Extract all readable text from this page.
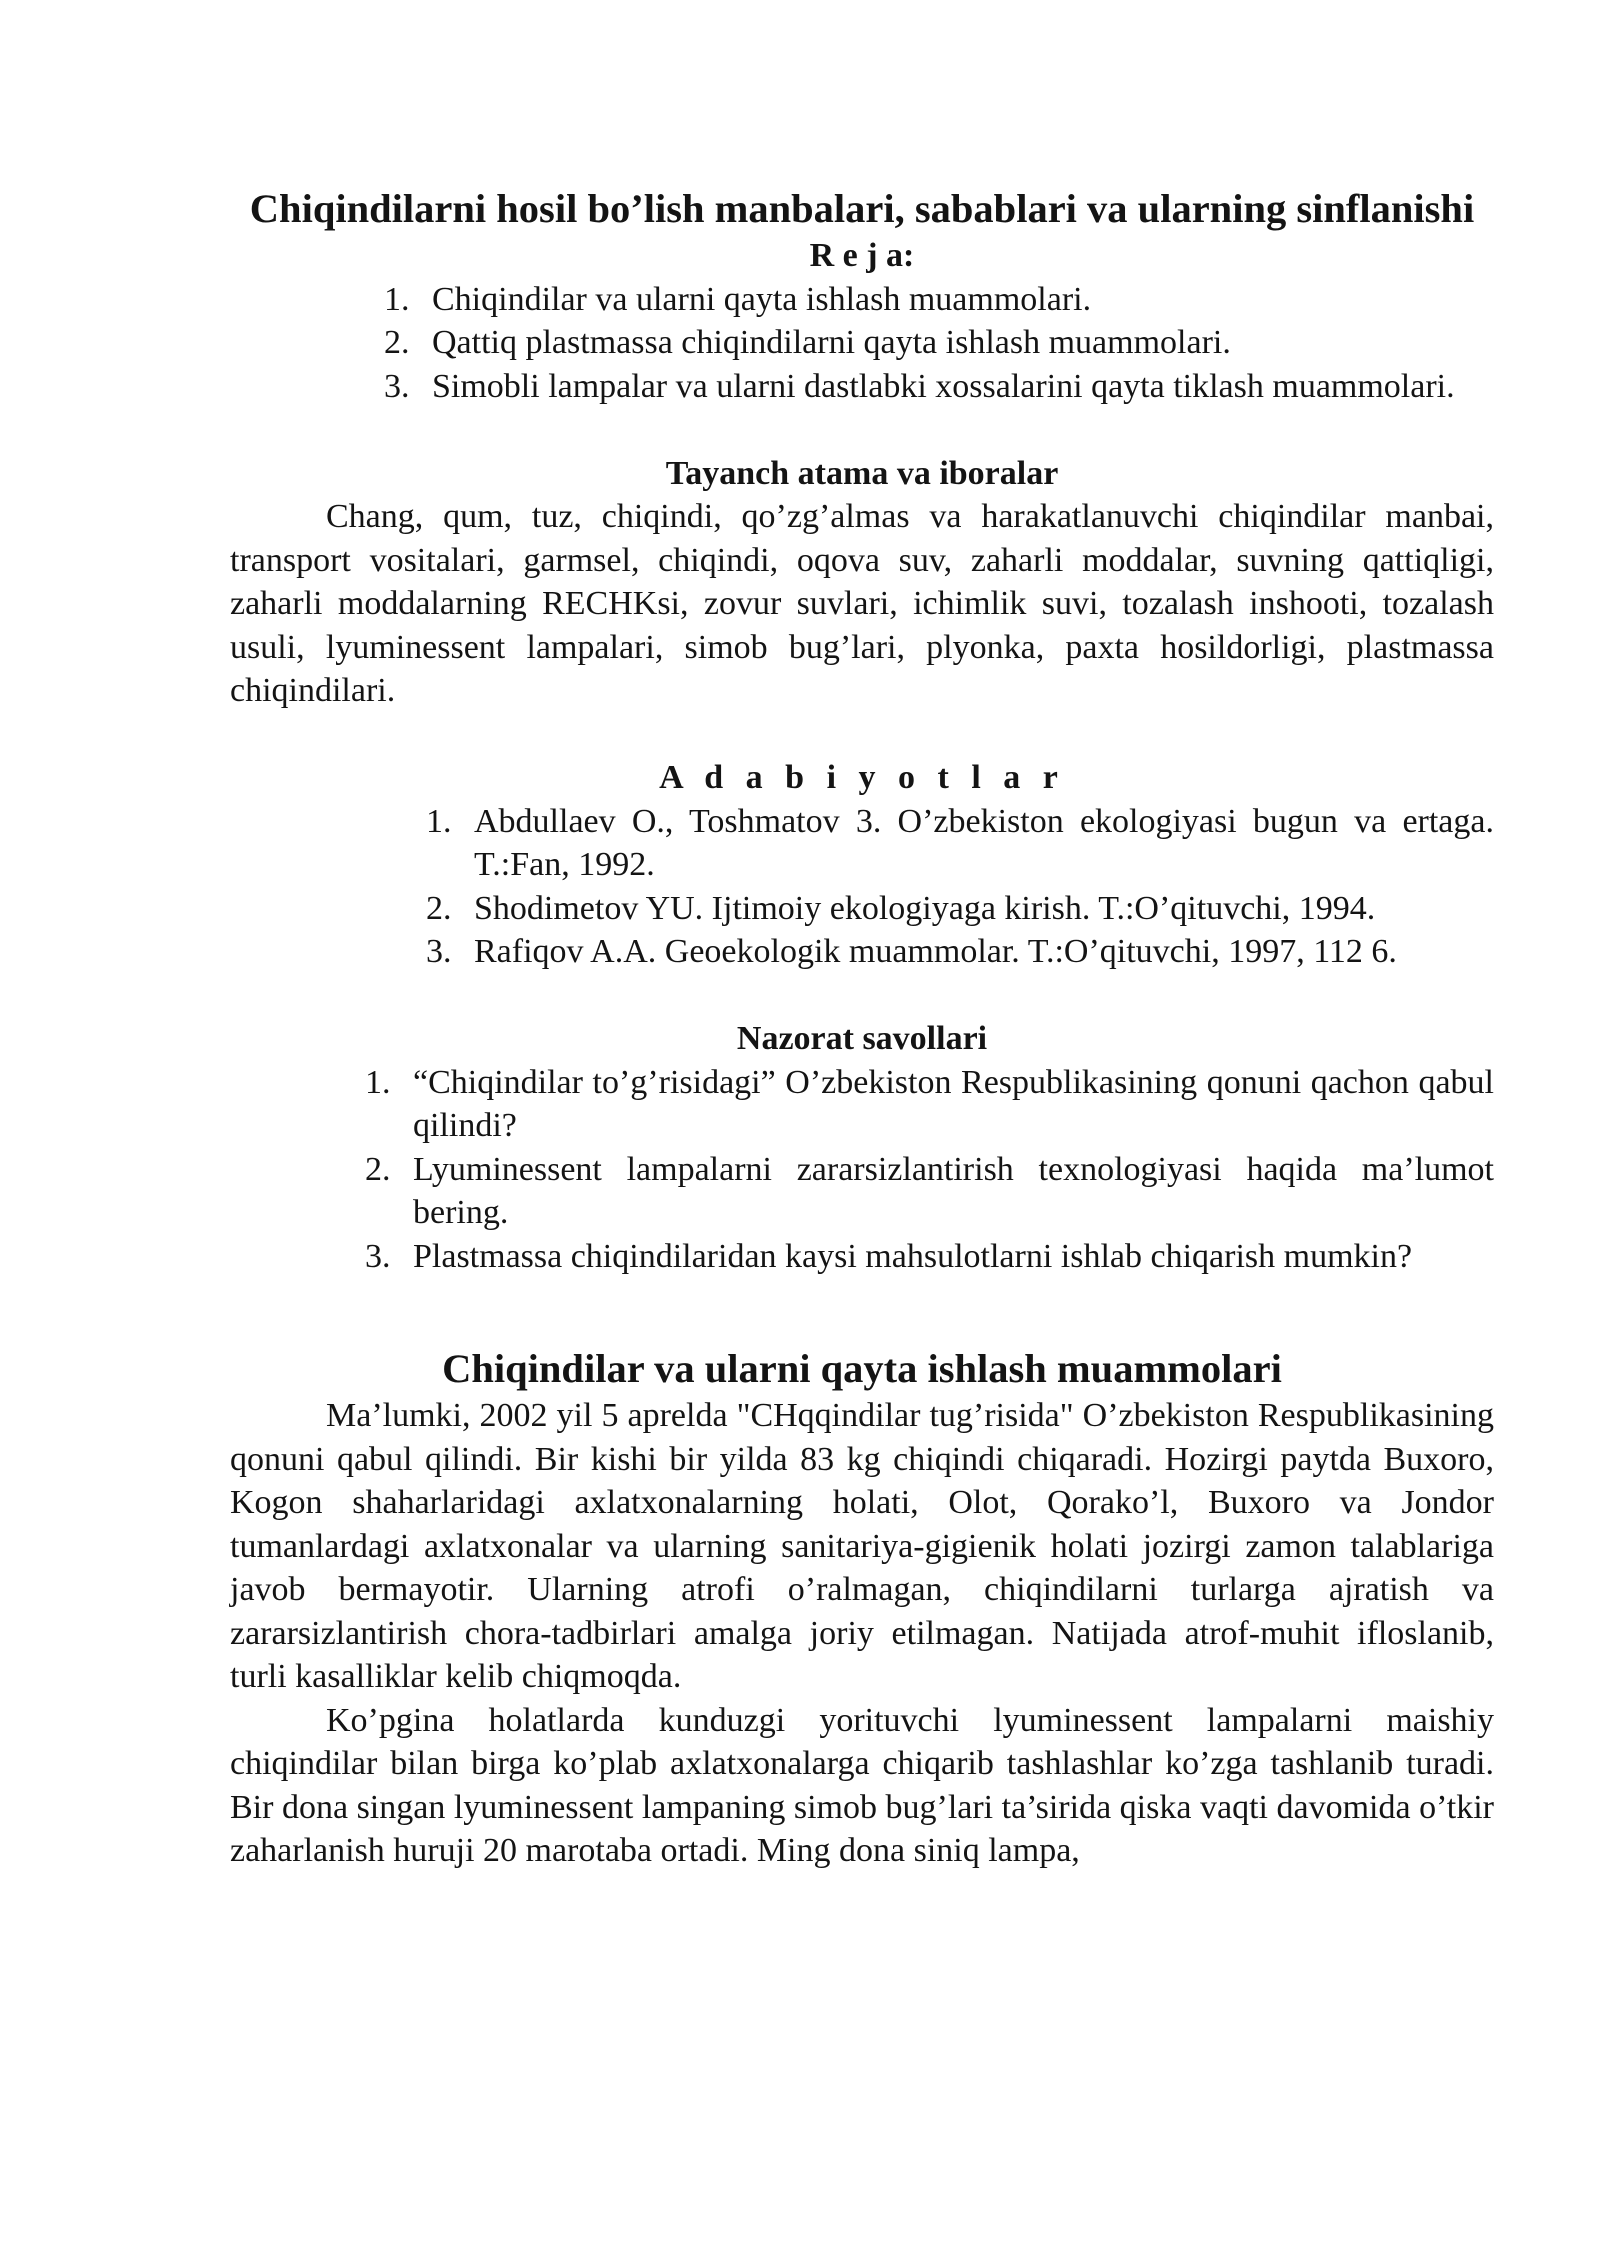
Chiqindilarni hosil bo’lish manbalari, sabablari va ularning sinflanishi
R e j a:
1. Chiqindilar va ularni qayta ishlash muammolari.
2. Qattiq plastmassa chiqindilarni qayta ishlash muammolari.
3. Simobli lampalar va ularni dastlabki xossalarini qayta tiklash muammolari.
Tayanch atama va iboralar

Chang, qum, tuz, chiqindi, qo’zg’almas va harakatlanuvchi chiqindilar manbai, transport vositalari, garmsel, chiqindi, oqova suv, zaharli moddalar, suvning qattiqligi, zaharli moddalarning RECHKsi, zovur suvlari, ichimlik suvi, tozalash inshooti, tozalash usuli, lyuminessent lampalari, simob bug’lari, plyonka, paxta hosildorligi, plastmassa chiqindilari.

A d a b i y o t l a r
1. Abdullaev O., Toshmatov 3. O’zbekiston ekologiyasi bugun va ertaga. T.:Fan, 1992.
2. Shodimetov YU. Ijtimoiy ekologiyaga kirish. T.:O’qituvchi, 1994.
3. Rafiqov A.A. Geoekologik muammolar. T.:O’qituvchi, 1997, 112 6.
Nazorat savollari
1. “Chiqindilar to’g’risidagi” O’zbekiston Respublikasining qonuni qachon qabul qilindi?
2. Lyuminessent lampalarni zararsizlantirish texnologiyasi haqida ma’lumot bering.
3. Plastmassa chiqindilaridan kaysi mahsulotlarni ishlab chiqarish mumkin?
Chiqindilar va ularni qayta ishlash muammolari

Ma’lumki, 2002 yil 5 aprelda "CHqqindilar tug’risida" O’zbekiston Respublikasining qonuni qabul qilindi. Bir kishi bir yilda 83 kg chiqindi chiqaradi. Hozirgi paytda Buxoro, Kogon shaharlaridagi axlatxonalarning holati, Olot, Qorako’l, Buxoro va Jondor tumanlardagi axlatxonalar va ularning sanitariya-gigienik holati jozirgi zamon talablariga javob bermayotir. Ularning atrofi o’ralmagan, chiqindilarni turlarga ajratish va zararsizlantirish chora-tadbirlari amalga joriy etilmagan. Natijada atrof-muhit ifloslanib, turli kasalliklar kelib chiqmoqda.

Ko’pgina holatlarda kunduzgi yorituvchi lyuminessent lampalarni maishiy chiqindilar bilan birga ko’plab axlatxonalarga chiqarib tashlashlar ko’zga tashlanib turadi. Bir dona singan lyuminessent lampaning simob bug’lari ta’sirida qiska vaqti davomida o’tkir zaharlanish huruji 20 marotaba ortadi. Ming dona siniq lampa,
